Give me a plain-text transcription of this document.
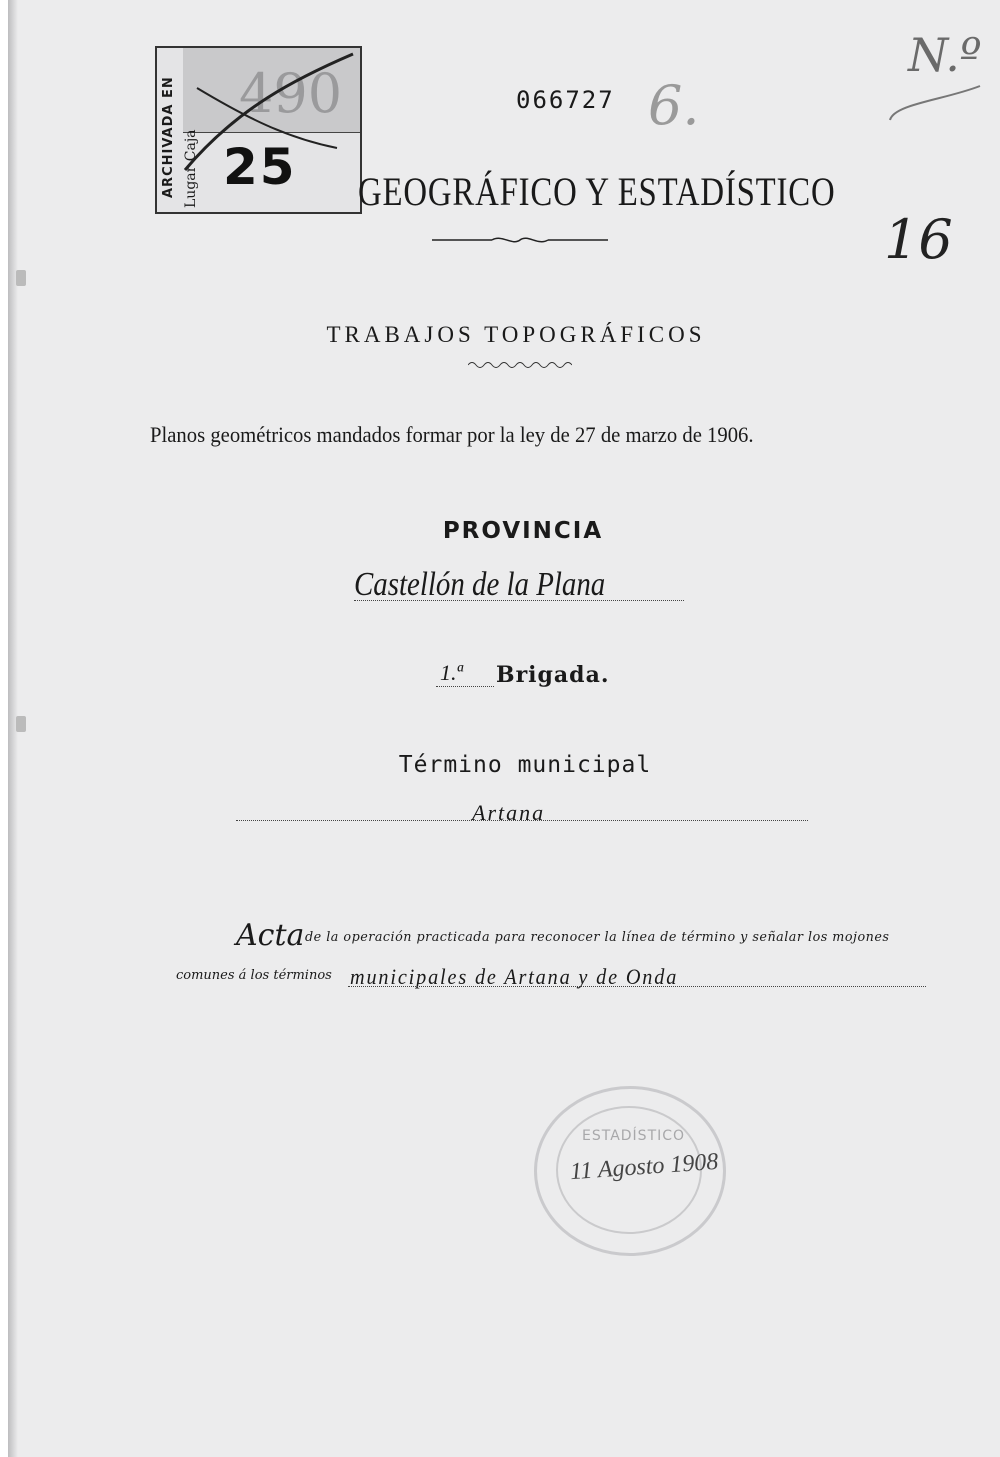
ARCHIVADA EN Lugar Caja
490
25
066727 6.
N.º
GEOGRÁFICO Y ESTADÍSTICO
16
TRABAJOS TOPOGRÁFICOS
Planos geométricos mandados formar por la ley de 27 de marzo de 1906.
PROVINCIA
Castellón de la Plana
1.ª Brigada.
Término municipal
Artana
Acta de la operación practicada para reconocer la línea de término y señalar los mojones
comunes á los términos municipales de Artana y de Onda
ESTADÍSTICO
11 Agosto 1908
